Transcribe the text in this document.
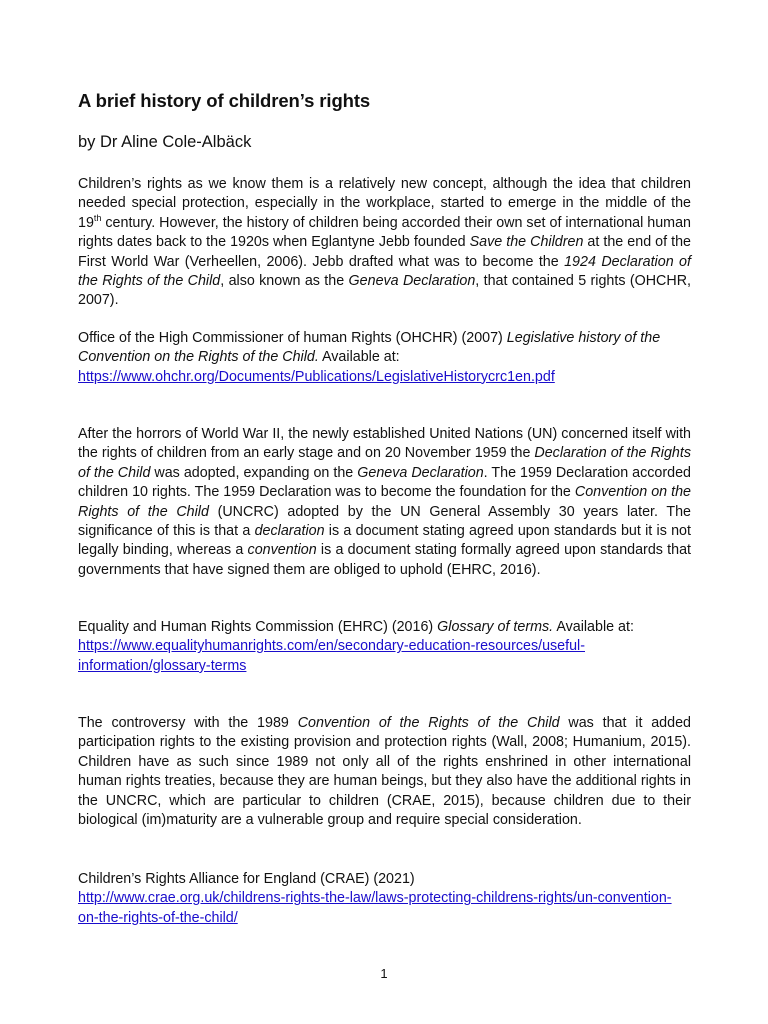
A brief history of children’s rights

by Dr Aline Cole-Albäck

Children’s rights as we know them is a relatively new concept, although the idea that children needed special protection, especially in the workplace, started to emerge in the middle of the 19th century. However, the history of children being accorded their own set of international human rights dates back to the 1920s when Eglantyne Jebb founded Save the Children at the end of the First World War (Verheellen, 2006). Jebb drafted what was to become the 1924 Declaration of the Rights of the Child, also known as the Geneva Declaration, that contained 5 rights (OHCHR, 2007).

Office of the High Commissioner of human Rights (OHCHR) (2007) Legislative history of the Convention on the Rights of the Child. Available at:
https://www.ohchr.org/Documents/Publications/LegislativeHistorycrc1en.pdf

After the horrors of World War II, the newly established United Nations (UN) concerned itself with the rights of children from an early stage and on 20 November 1959 the Declaration of the Rights of the Child was adopted, expanding on the Geneva Declaration. The 1959 Declaration accorded children 10 rights. The 1959 Declaration was to become the foundation for the Convention on the Rights of the Child (UNCRC) adopted by the UN General Assembly 30 years later. The significance of this is that a declaration is a document stating agreed upon standards but it is not legally binding, whereas a convention is a document stating formally agreed upon standards that governments that have signed them are obliged to uphold (EHRC, 2016).

Equality and Human Rights Commission (EHRC) (2016) Glossary of terms. Available at:
https://www.equalityhumanrights.com/en/secondary-education-resources/useful-information/glossary-terms

The controversy with the 1989 Convention of the Rights of the Child was that it added participation rights to the existing provision and protection rights (Wall, 2008; Humanium, 2015). Children have as such since 1989 not only all of the rights enshrined in other international human rights treaties, because they are human beings, but they also have the additional rights in the UNCRC, which are particular to children (CRAE, 2015), because children due to their biological (im)maturity are a vulnerable group and require special consideration.

Children’s Rights Alliance for England (CRAE) (2021)
http://www.crae.org.uk/childrens-rights-the-law/laws-protecting-childrens-rights/un-convention-on-the-rights-of-the-child/

1
